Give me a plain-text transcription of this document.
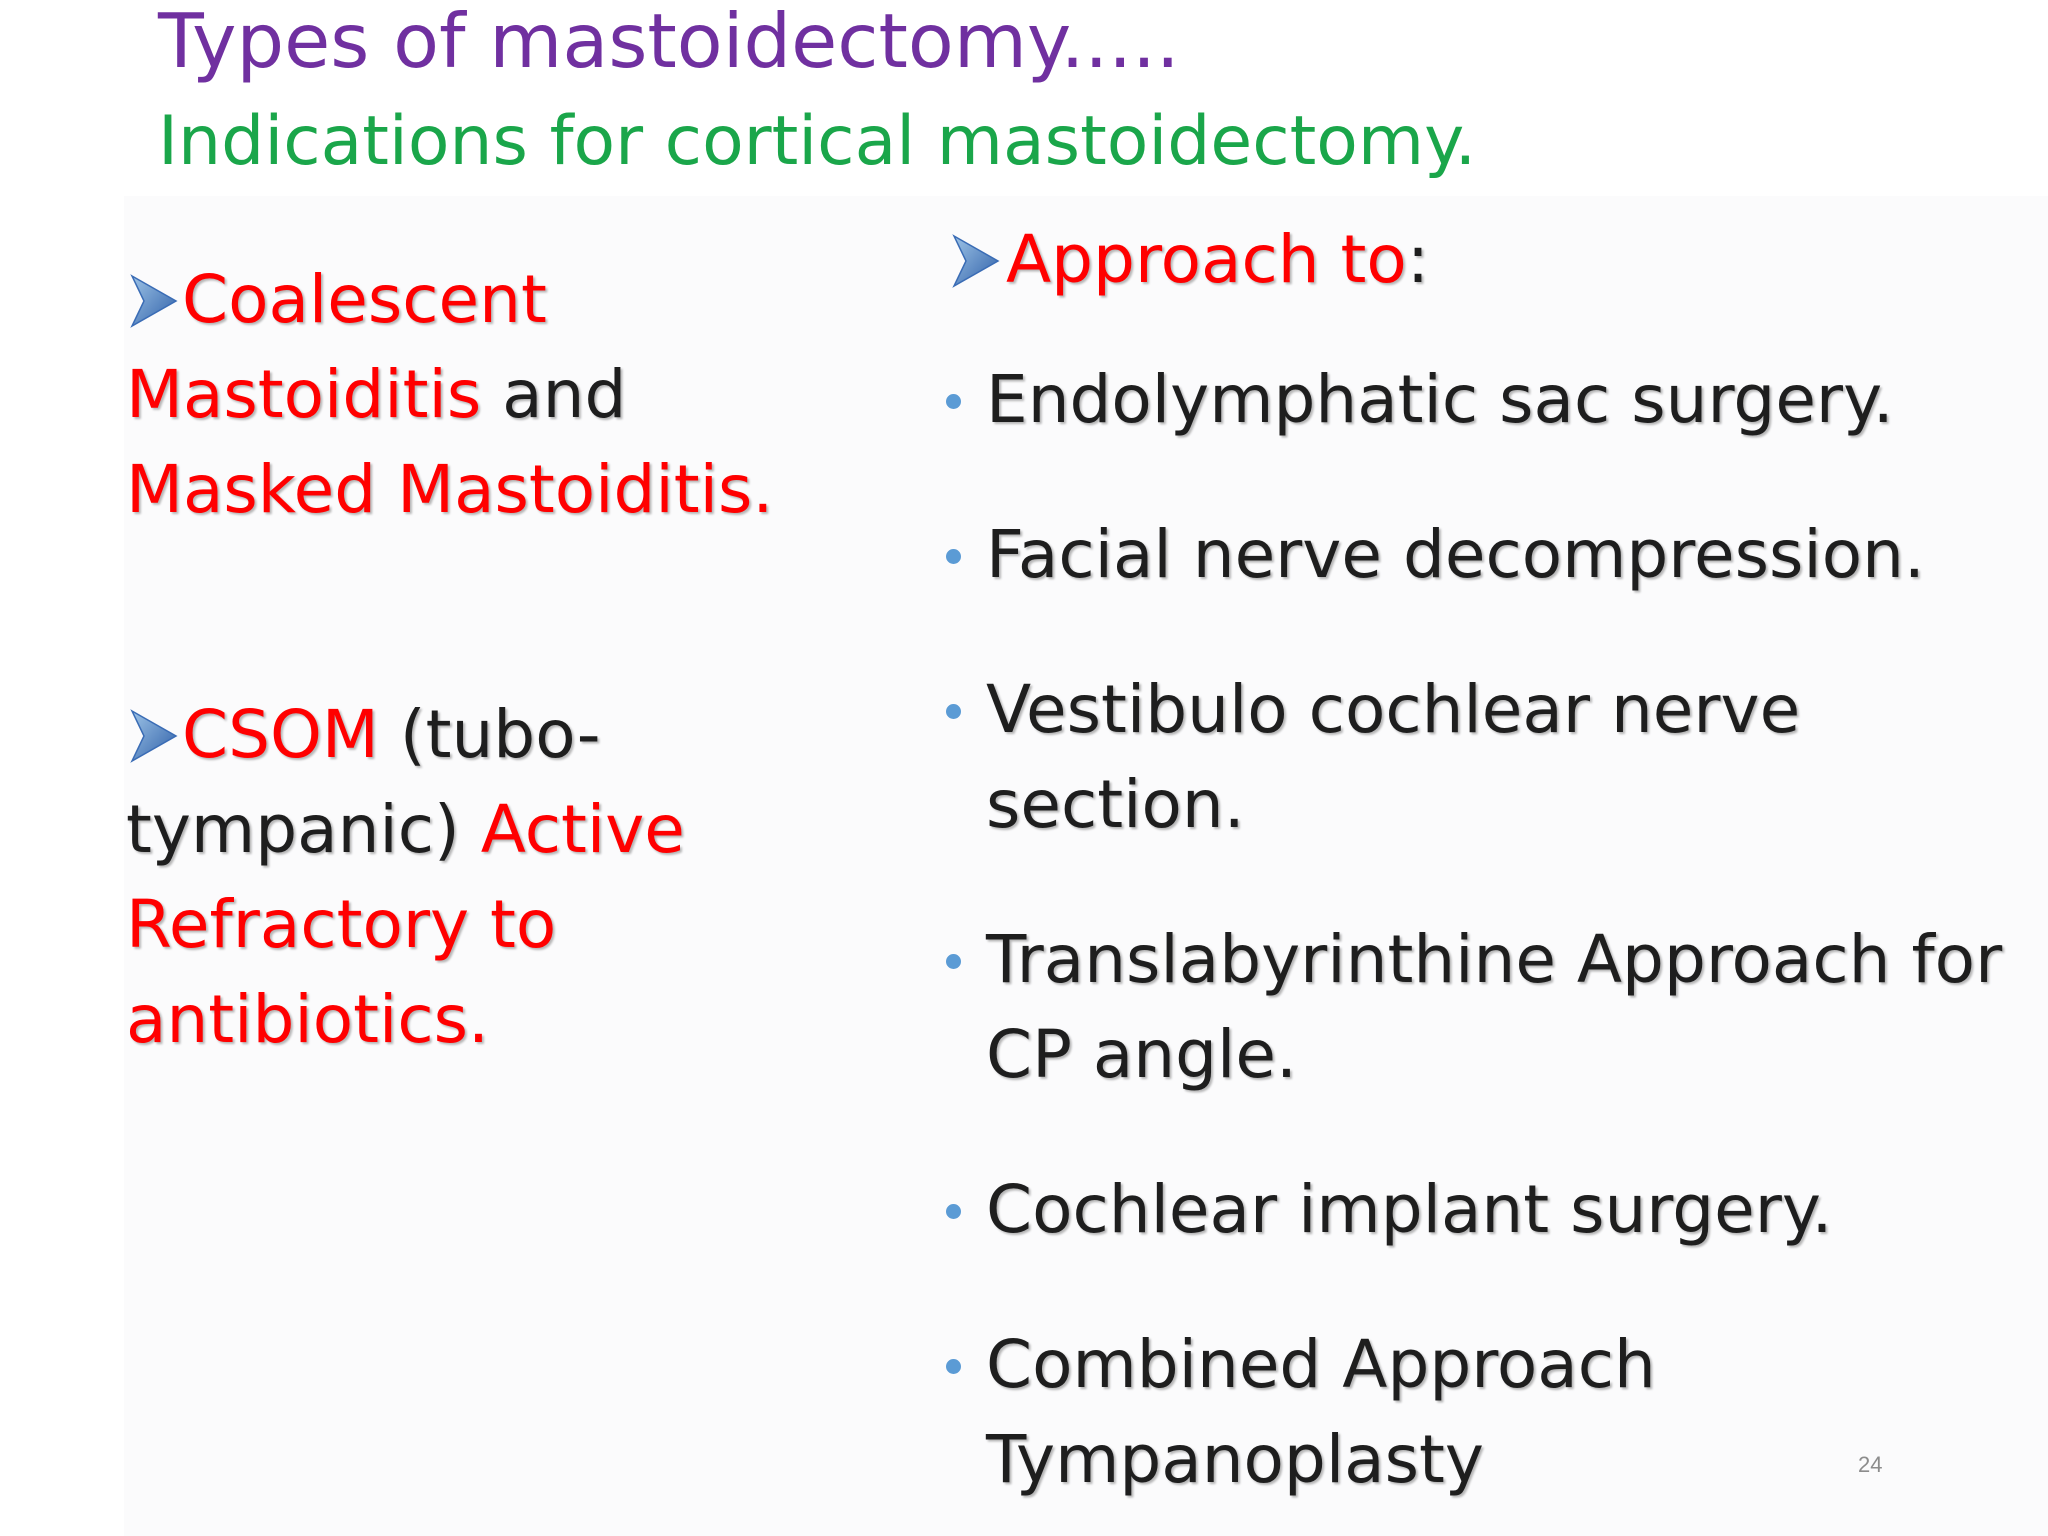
Types of mastoidectomy.....
Indications for cortical mastoidectomy.
Coalescent
Mastoiditis and
Masked Mastoiditis.
CSOM (tubo-
tympanic) Active
Refractory to
antibiotics.
Approach to:
Endolymphatic sac surgery.
Facial nerve decompression.
Vestibulo cochlear nerve
section.
Translabyrinthine Approach for
CP angle.
Cochlear implant surgery.
Combined Approach
Tympanoplasty	24
